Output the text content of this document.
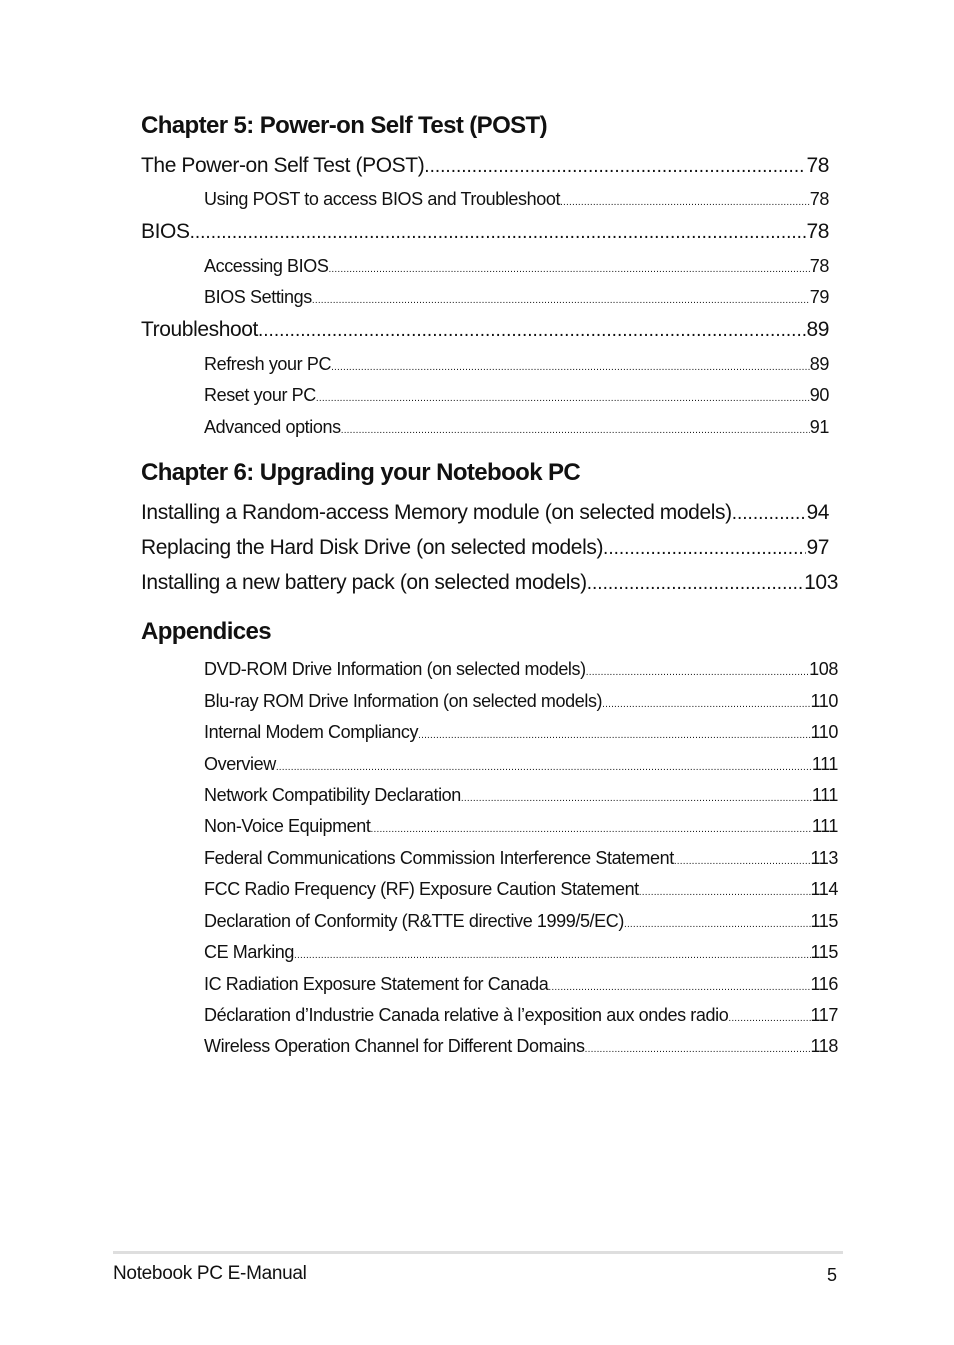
Chapter 5: Power-on Self Test (POST)
The Power-on Self Test (POST) .....	78
Using POST to access BIOS and Troubleshoot .....	78
BIOS .....	78
Accessing BIOS .....	78
BIOS Settings .....	79
Troubleshoot .....	89
Refresh your PC .....	89
Reset your PC .....	90
Advanced options .....	91
Chapter 6: Upgrading your Notebook PC
Installing a Random-access Memory module (on selected models) .....	94
Replacing the Hard Disk Drive (on selected models) .....	97
Installing a new battery pack (on selected models) .....	103
Appendices
DVD-ROM Drive Information (on selected models) .....	108
Blu-ray ROM Drive Information (on selected models) .....	110
Internal Modem Compliancy .....	110
Overview .....	111
Network Compatibility Declaration .....	111
Non-Voice Equipment .....	111
Federal Communications Commission Interference Statement .....	113
FCC Radio Frequency (RF) Exposure Caution Statement .....	114
Declaration of Conformity (R&TTE directive 1999/5/EC) .....	115
CE Marking .....	115
IC Radiation Exposure Statement for Canada .....	116
Déclaration d’Industrie Canada relative à l’exposition aux ondes radio .....	117
Wireless Operation Channel for Different Domains .....	118
Notebook PC E-Manual	5
